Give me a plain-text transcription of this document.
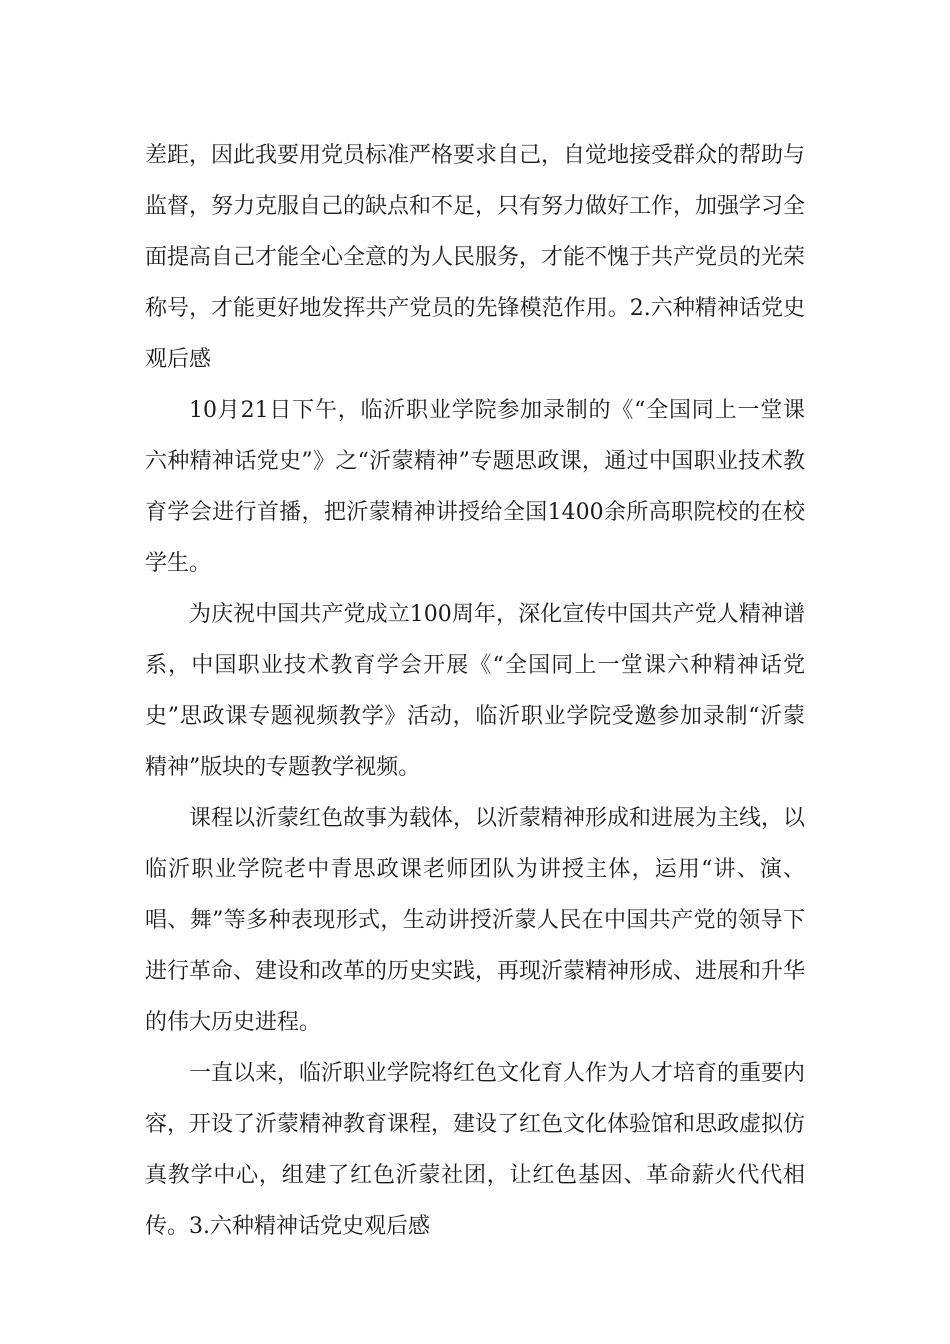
差距，因此我要用党员标准严格要求自己，自觉地接受群众的帮助与监督，努力克服自己的缺点和不足，只有努力做好工作，加强学习全面提高自己才能全心全意的为人民服务，才能不愧于共产党员的光荣称号，才能更好地发挥共产党员的先锋模范作用。2.六种精神话党史观后感

10月21日下午，临沂职业学院参加录制的《“全国同上一堂课六种精神话党史”》之“沂蒙精神”专题思政课，通过中国职业技术教育学会进行首播，把沂蒙精神讲授给全国1400余所高职院校的在校学生。

为庆祝中国共产党成立100周年，深化宣传中国共产党人精神谱系，中国职业技术教育学会开展《“全国同上一堂课六种精神话党史”思政课专题视频教学》活动，临沂职业学院受邀参加录制“沂蒙精神”版块的专题教学视频。

课程以沂蒙红色故事为载体，以沂蒙精神形成和进展为主线，以临沂职业学院老中青思政课老师团队为讲授主体，运用“讲、演、唱、舞”等多种表现形式，生动讲授沂蒙人民在中国共产党的领导下进行革命、建设和改革的历史实践，再现沂蒙精神形成、进展和升华的伟大历史进程。

一直以来，临沂职业学院将红色文化育人作为人才培育的重要内容，开设了沂蒙精神教育课程，建设了红色文化体验馆和思政虚拟仿真教学中心，组建了红色沂蒙社团，让红色基因、革命薪火代代相传。3.六种精神话党史观后感
